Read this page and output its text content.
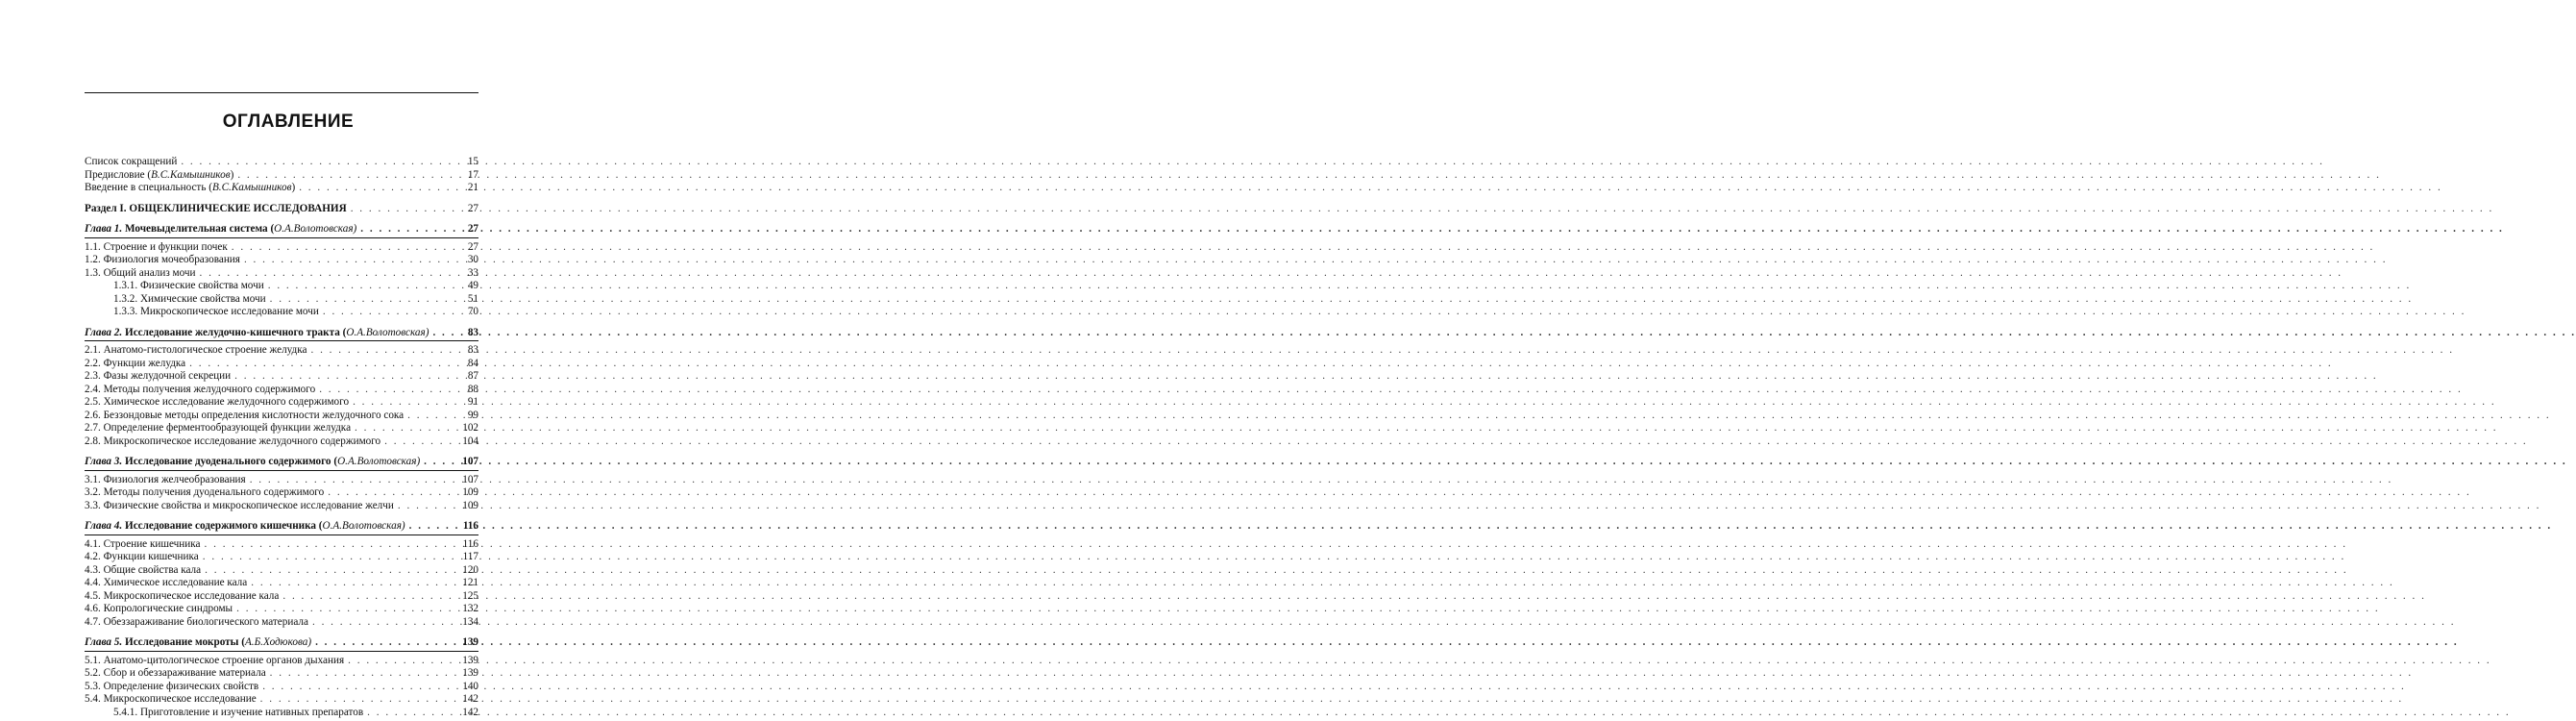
ОГЛАВЛЕНИЕ
Список сокращений . . .	15
Предисловие (В.С.Камышников) . . .	17
Введение в специальность (В.С.Камышников) . . .	21
Раздел I. ОБЩЕКЛИНИЧЕСКИЕ ИССЛЕДОВАНИЯ . . .	27
Глава 1. Мочевыделительная система (О.А.Волотовская) . . .	27
1.1. Строение и функции почек . . .	27
1.2. Физиология мочеобразования . . .	30
1.3. Общий анализ мочи . . .	33
1.3.1. Физические свойства мочи . . .	49
1.3.2. Химические свойства мочи . . .	51
1.3.3. Микроскопическое исследование мочи . . .	70
Глава 2. Исследование желудочно-кишечного тракта (О.А.Волотовская) . . .	83
2.1. Анатомо-гистологическое строение желудка . . .	83
2.2. Функции желудка . . .	84
2.3. Фазы желудочной секреции . . .	87
2.4. Методы получения желудочного содержимого . . .	88
2.5. Химическое исследование желудочного содержимого . . .	91
2.6. Беззондовые методы определения кислотности желудочного сока . . .	99
2.7. Определение ферментообразующей функции желудка . . .	102
2.8. Микроскопическое исследование желудочного содержимого . . .	104
Глава 3. Исследование дуоденального содержимого (О.А.Волотовская) . . .	107
3.1. Физиология желчеобразования . . .	107
3.2. Методы получения дуоденального содержимого . . .	109
3.3. Физические свойства и микроскопическое исследование желчи . . .	109
Глава 4. Исследование содержимого кишечника (О.А.Волотовская) . . .	116
4.1. Строение кишечника . . .	116
4.2. Функции кишечника . . .	117
4.3. Общие свойства кала . . .	120
4.4. Химическое исследование кала . . .	121
4.5. Микроскопическое исследование кала . . .	125
4.6. Копрологические синдромы . . .	132
4.7. Обеззараживание биологического материала . . .	134
Глава 5. Исследование мокроты (А.Б.Ходюкова) . . .	139
5.1. Анатомо-цитологическое строение органов дыхания . . .	139
5.2. Сбор и обеззараживание материала . . .	139
5.3. Определение физических свойств . . .	140
5.4. Микроскопическое исследование . . .	142
5.4.1. Приготовление и изучение нативных препаратов . . .	142
